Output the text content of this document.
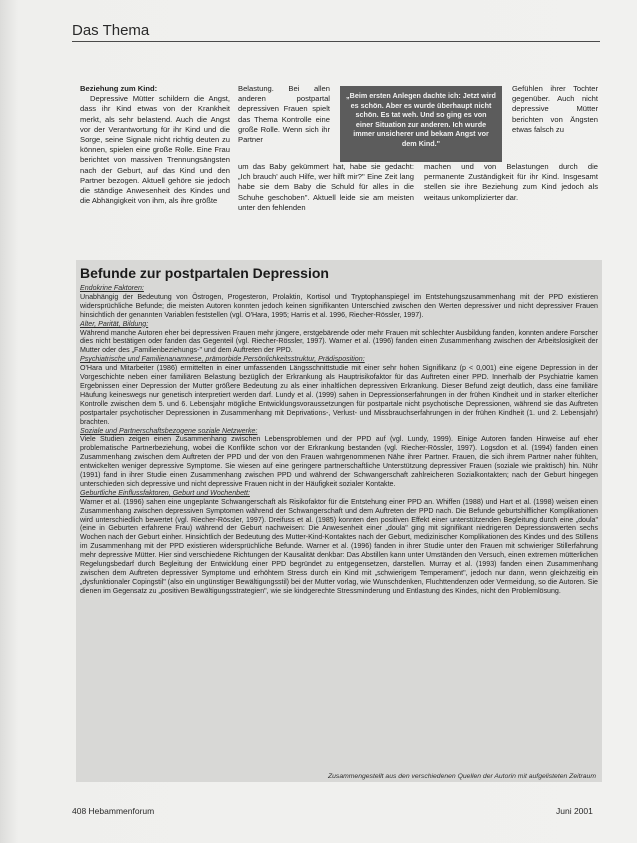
Das Thema

Beziehung zum Kind:

Depressive Mütter schildern die Angst, dass ihr Kind etwas von der Krankheit merkt, als sehr belastend. Auch die Angst vor der Verantwortung für ihr Kind und die Sorge, seine Signale nicht richtig deuten zu können, spielen eine große Rolle. Eine Frau berichtet von massiven Trennungsängsten nach der Geburt, auf das Kind und den Partner bezogen. Aktuell gehöre sie jedoch die ständige Anwesenheit des Kindes und die Abhängigkeit von ihm, als ihre größte

Belastung. Bei allen anderen postpartal depressiven Frauen spielt das Thema Kontrolle eine große Rolle. Wenn sich ihr Partner

„Beim ersten Anlegen dachte ich: Jetzt wird es schön. Aber es wurde überhaupt nicht schön. Es tat weh. Und so ging es von einer Situation zur anderen. Ich wurde immer unsicherer und bekam Angst vor dem Kind."

Gefühlen ihrer Tochter gegenüber. Auch nicht depressive Mütter berichten von Ängsten etwas falsch zu

um das Baby gekümmert hat, habe sie gedacht: „Ich brauch' auch Hilfe, wer hilft mir?" Eine Zeit lang habe sie dem Baby die Schuld für alles in die Schuhe geschoben". Aktuell leide sie am meisten unter den fehlenden

machen und von Belastungen durch die permanente Zuständigkeit für ihr Kind. Insgesamt stellen sie ihre Beziehung zum Kind jedoch als weitaus unkomplizierter dar.

Befunde zur postpartalen Depression

Endokrine Faktoren:
Unabhängig der Bedeutung von Östrogen, Progesteron, Prolaktin, Kortisol und Tryptophanspiegel im Entstehungszusammenhang mit der PPD existieren widersprüchliche Befunde; die meisten Autoren konnten jedoch keinen signifikanten Unterschied zwischen den Werten depressiver und nicht depressiver Frauen hinsichtlich der genannten Variablen feststellen (vgl. O'Hara, 1995; Harris et al. 1996, Riecher-Rössler, 1997).

Alter, Parität, Bildung:
Während manche Autoren eher bei depressiven Frauen mehr jüngere, erstgebärende oder mehr Frauen mit schlechter Ausbildung fanden, konnten andere Forscher dies nicht bestätigen oder fanden das Gegenteil (vgl. Riecher-Rössler, 1997). Warner et al. (1996) fanden einen Zusammenhang zwischen der Arbeitslosigkeit der Mutter oder des „Familienbeziehungs-" und dem Auftreten der PPD.

Psychiatrische und Familienanamnese, prämorbide Persönlichkeitsstruktur, Prädisposition:
O'Hara und Mitarbeiter (1986) ermittelten in einer umfassenden Längsschnittstudie mit einer sehr hohen Signifikanz (p < 0,001) eine eigene Depression in der Vorgeschichte neben einer familiären Belastung bezüglich der Erkrankung als Hauptrisikofaktor für das Auftreten einer PPD. Innerhalb der Psychiatrie kamen Ergebnissen einer Depression der Mutter größere Bedeutung zu als einer inhaltlichen depressiven Erkrankung. Dieser Befund zeigt deutlich, dass eine familiäre Häufung keineswegs nur genetisch interpretiert werden darf. Lundy et al. (1999) sahen in Depressionserfahrungen in der frühen Kindheit und in starker elterlicher Kontrolle zwischen dem 5. und 6. Lebensjahr mögliche Entwicklungsvoraussetzungen für postpartale nicht psychotische Depressionen, während sie das Auftreten postpartaler psychotischer Depressionen in Zusammenhang mit Deprivations-, Verlust- und Missbrauchserfahrungen in der frühen Kindheit (1. und 2. Lebensjahr) brachten.

Soziale und Partnerschaftsbezogene soziale Netzwerke:
Viele Studien zeigen einen Zusammenhang zwischen Lebensproblemen und der PPD auf (vgl. Lundy, 1999). Einige Autoren fanden Hinweise auf eher problematische Partnerbeziehung, wobei die Konflikte schon vor der Erkrankung bestanden (vgl. Riecher-Rössler, 1997). Logsdon et al. (1994) fanden einen Zusammenhang zwischen dem Auftreten der PPD und der von den Frauen wahrgenommenen Nähe ihrer Partner. Frauen, die sich ihrem Partner naher fühlten, entwickelten weniger depressive Symptome. Sie wiesen auf eine geringere partnerschaftliche Unterstützung depressiver Frauen (soziale wie praktisch) hin. Nühr (1991) fand in ihrer Studie einen Zusammenhang zwischen PPD und während der Schwangerschaft zahlreicheren Sozialkontakten; nach der Geburt hingegen unterschieden sich depressive und nicht depressive Frauen nicht in der Häufigkeit sozialer Kontakte.

Geburtliche Einflussfaktoren, Geburt und Wochenbett:
Warner et al. (1996) sahen eine ungeplante Schwangerschaft als Risikofaktor für die Entstehung einer PPD an. Whiffen (1988) und Hart et al. (1998) weisen einen Zusammenhang zwischen depressiven Symptomen während der Schwangerschaft und dem Auftreten der PPD nach. Die Befunde geburtshilflicher Komplikationen wird unterschiedlich bewertet (vgl. Riecher-Rössler, 1997). Dreifuss et al. (1985) konnten den positiven Effekt einer unterstützenden Begleitung durch eine „doula" (eine in Geburten erfahrene Frau) während der Geburt nachweisen: Die Anwesenheit einer „doula" ging mit signifikant niedrigeren Depressionswerten sechs Wochen nach der Geburt einher. Hinsichtlich der Bedeutung des Mutter-Kind-Kontaktes nach der Geburt, medizinischer Komplikationen des Kindes und des Stillens im Zusammenhang mit der PPD existieren widersprüchliche Befunde. Warner et al. (1996) fanden in ihrer Studie unter den Frauen mit schwieriger Stillerfahrung mehr depressive Mütter. Hier sind verschiedene Richtungen der Kausalität denkbar: Das Abstillen kann unter Umständen den Versuch, einen extremen mütterlichen Regelungsbedarf durch Begleitung der Entwicklung einer PPD begründet zu entgegensetzen, darstellen. Murray et al. (1993) fanden einen Zusammenhang zwischen dem Auftreten depressiver Symptome und erhöhtem Stress durch ein Kind mit „schwierigem Temperament", jedoch nur dann, wenn gleichzeitig ein „dysfunktionaler Copingstil" (also ein ungünstiger Bewältigungsstil) bei der Mutter vorlag, wie Wunschdenken, Fluchttendenzen oder Vermeidung, so die Autoren. Sie dienen im Gegensatz zu „positiven Bewältigungsstrategien", wie sie kindgerechte Stressminderung und Entlastung des Kindes, nicht den Problemlösung.

Zusammengestellt aus den verschiedenen Quellen der Autorin mit aufgelisteten Zeitraum
408 Hebammenforum	Juni 2001
